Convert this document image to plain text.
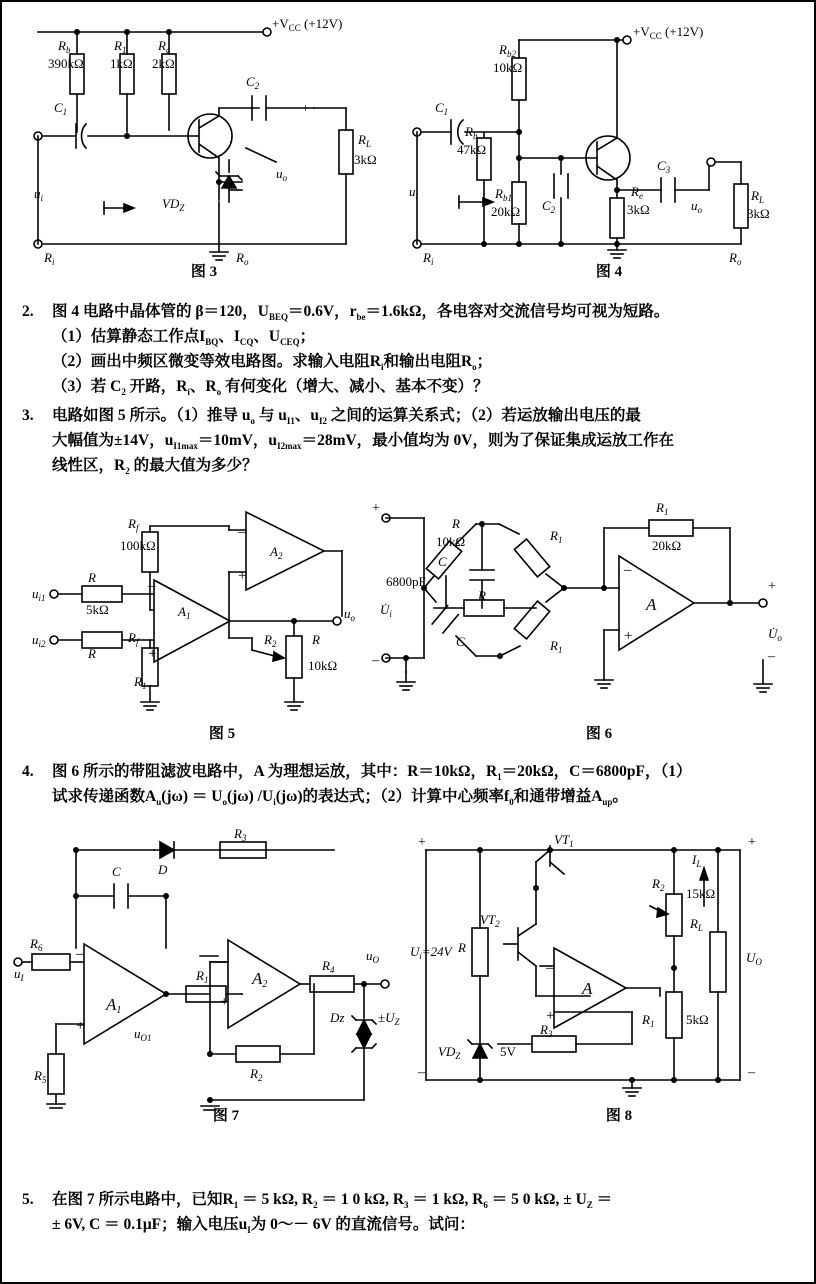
$+V_{CC}$ (+12V)
$R_b$
390kΩ
$R_1$
1kΩ
$R_c$
2kΩ
$C_1$
$C_2$
+
$R_L$
3kΩ
$u_o$
$u_i$	$VD_Z$
$R_i$	$R_o$
$+V_{CC}$ (+12V)
$R_{b2}$
10kΩ
$C_1$
$R_b$
47kΩ
$R_{b1}$
20kΩ $C_2$
$R_e$
3kΩ
$C_3$
$u_o$
$R_L$
3kΩ
$u_i$
$R_i$	$R_o$
图 3	图 4
2.	图 4 电路中晶体管的 β＝120，$U_{BEQ}=0.6V$，$r_{be}=1.6k\Omega$，各电容对交流信号均可视为短路。
（1）估算静态工作点$I_{BQ}$、$I_{CQ}$、$U_{CEQ}$；
（2）画出中频区微变等效电路图。求输入电阻$R_i$和输出电阻$R_o$；
（3）若 $C_2$ 开路，$R_i$、$R_o$ 有何变化（增大、减小、基本不变）？
3.	电路如图 5 所示。（1）推导 $u_o$ 与 $u_{I1}$、$u_{I2}$ 之间的运算关系式；（2）若运放输出电压的最
大幅值为±14V，$u_{I1max}=10mV$，$u_{I2max}=28mV$，最小值均为 0V，则为了保证集成运放工作在
线性区，$R_2$ 的最大值为多少？
$A_2$
$A_1$
$R_f$
100kΩ
R
5kΩ
R
$R_f$
$R_1$
$R_2$	R
10kΩ
$u_{i1}$
$u_{i2}$
$u_o$
–
+
–
+
R
10kΩ
C
6800pF
$R_1$
$R_1$
R
C
$R_1$
20kΩ
A
–
+
$U̇_i$
$U̇_o$
+
–
+
–
图 5	图 6
4.	图 6 所示的带阻滤波电路中，A 为理想运放，其中：R＝10kΩ，$R_1=20k\Omega$，C＝6800pF，（1）
试求传递函数$A_u(j\omega) = U_o(j\omega)$ $/U_i(j\omega)$的表达式；（2）计算中心频率$f_0$和通带增益$A_{up}$。
C	D
$R_3$
$R_6$
$u_I$
A1
A2
–
+
–
+
$R_5$
$R_1$
$R_2$
$R_4$
$u_O$
$u_{O1}$
Dz	$\pm U_Z$
$VT_1$
$VT_2$
A
–
+
R
$U_i=24V$
$R_3$
$R_2$ 15kΩ
$R_1$ 5kΩ
$R_L$
$U_O$
$I_L$
$VD_Z$	5V
+
–
+
–
图 7	图 8
5.	在图 7 所示电路中，已知$R_1 = 5$ kΩ, $R_2 = 1$ 0 kΩ, $R_3 = 1$ kΩ, $R_6 = 5$ 0 kΩ, ± $U_Z$ ＝
± 6V, C ＝ 0.1μF；输入电压$u_I$为 0～－ 6V 的直流信号。试问：
